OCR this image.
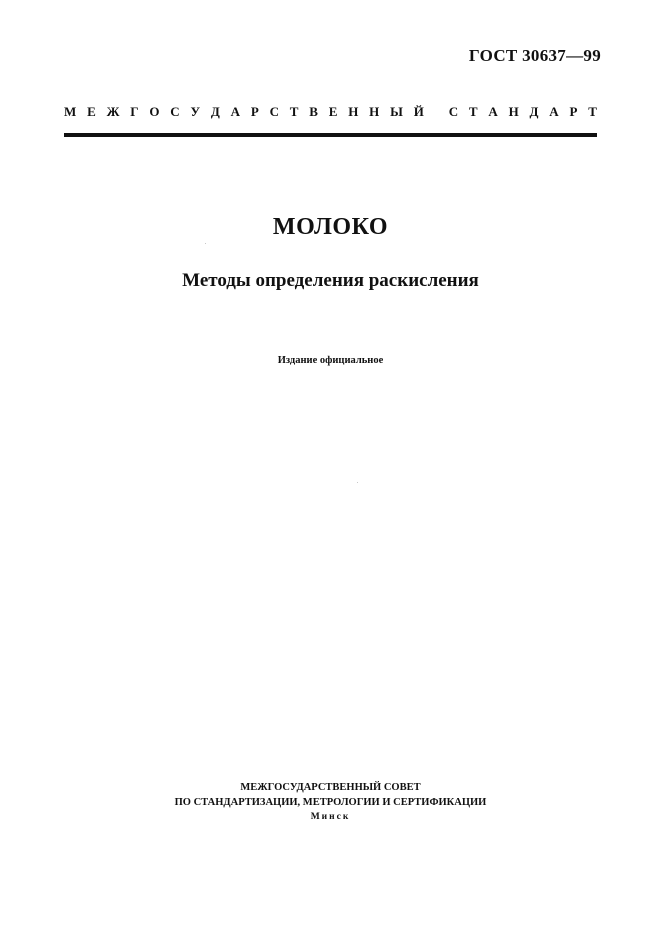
ГОСТ 30637—99
М Е Ж Г О С У Д А Р С Т В Е Н Н Ы Й
С Т А Н Д А Р Т
МОЛОКО
Методы определения раскисления
Издание официальное
МЕЖГОСУДАРСТВЕННЫЙ СОВЕТ
ПО СТАНДАРТИЗАЦИИ, МЕТРОЛОГИИ И СЕРТИФИКАЦИИ
Минск
